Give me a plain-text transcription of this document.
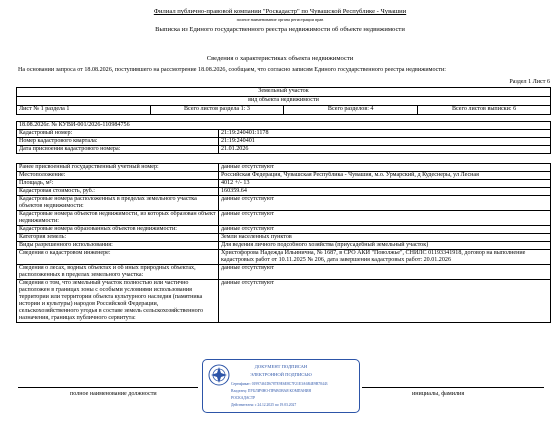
Филиал публично-правовой компании "Роскадастр" по Чувашской Республике - Чувашии
полное наименование органа регистрации прав
Выписка из Единого государственного реестра недвижимости об объекте недвижимости
Сведения о характеристиках объекта недвижимости
На основании запроса от 18.08.2026, поступившего на рассмотрение 18.08.2026, сообщаем, что согласно записям Единого государственного реестра недвижимости:
Раздел 1 Лист 6
Земельный участок
вид объекта недвижимости
Лист № 1 раздела 1	Всего листов раздела 1: 3	Всего разделов: 4	Всего листов выписки: 6
18.08.2026г. № КУВИ-001/2026-110984756	
Кадастровый номер:	21:19:240401:1178
Номер кадастрового квартала:	21:19:240401
Дата присвоения кадастрового номера:	21.01.2026
Ранее присвоенный государственный учетный номер:	данные отсутствуют
Местоположение:	Российская Федерация, Чувашская Республика - Чувашия, м.о. Урмарский, д Кудеснеры, ул Лесная
Площадь, м²:	4012 +/- 13
Кадастровая стоимость, руб.:	160359.64
Кадастровые номера расположенных в пределах земельного участка объектов недвижимости:	данные отсутствуют
Кадастровые номера объектов недвижимости, из которых образован объект недвижимости:	данные отсутствуют
Кадастровые номера образованных объектов недвижимости:	данные отсутствуют
Категория земель:	Земли населенных пунктов
Виды разрешенного использования:	Для ведения личного подсобного хозяйства (приусадебный земельный участок)
Сведения о кадастровом инженере:	Христофорова Надежда Ильинична, № 1687, в СРО АКИ "Поволжье", СНИЛС 01193341918, договор на выполнение кадастровых работ от 10.11.2025 № 206, дата завершения кадастровых работ: 20.01.2026
Сведения о лесах, водных объектах и об иных природных объектах, расположенных в пределах земельного участка:	данные отсутствуют
Сведения о том, что земельный участок полностью или частично расположен в границах зоны с особыми условиями использования территории или территории объекта культурного наследия (памятника истории и культуры) народов Российской Федерации, сельскохозяйственного угодья в составе земель сельскохозяйственного назначения, границах публичного сервитута:	данные отсутствуют
полное наименование должности	инициалы, фамилия
ДОКУМЕНТ ПОДПИСАН
ЭЛЕКТРОННОЙ ПОДПИСЬЮ
Сертификат: 01997461D6787E9E6E8C7F21E3A6B4E9B78443
Владелец: ПУБЛИЧНО-ПРАВОВАЯ КОМПАНИЯ
РОСКАДАСТР
Действителен: с 24.12.2025 по 19.03.2027
